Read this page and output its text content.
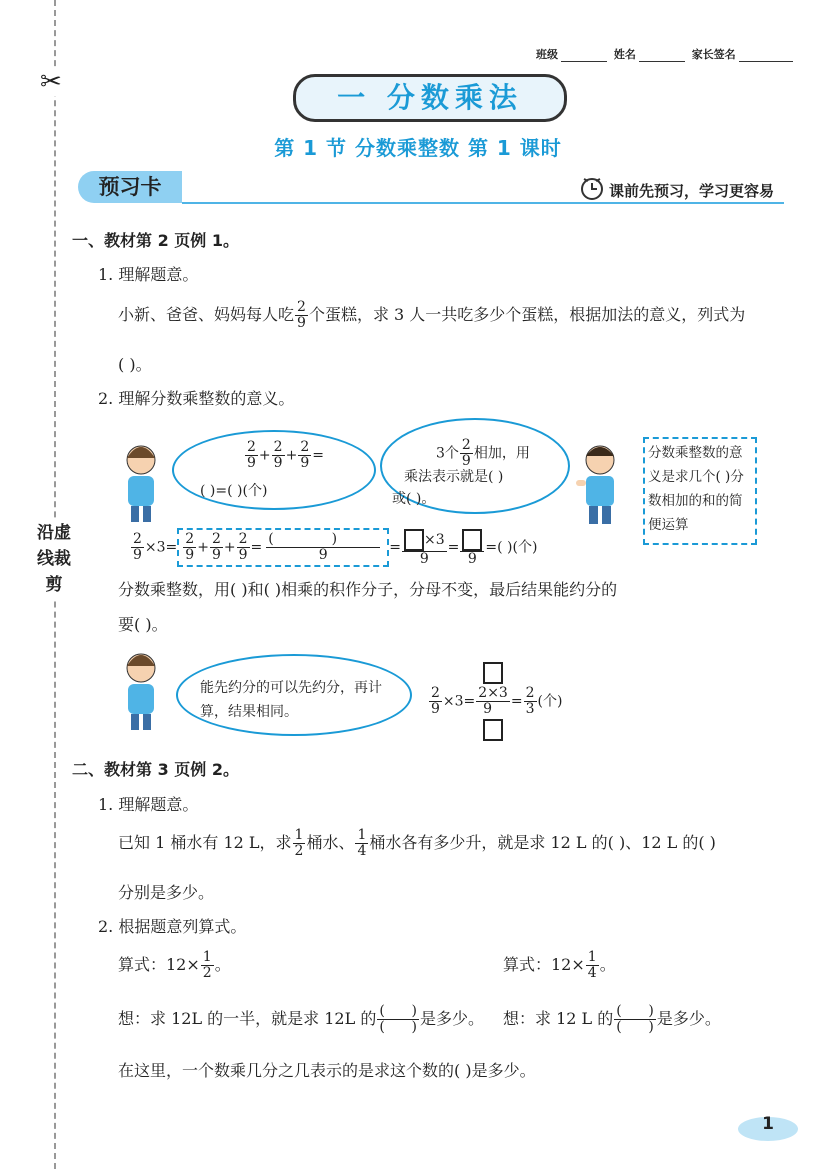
✂
沿虚线裁剪
班级	姓名	家长签名
一 分数乘法
第 1 节 分数乘整数 第 1 课时
预习卡	课前先预习，学习更容易
一、教材第 2 页例 1。
1. 理解题意。
小新、爸爸、妈妈每人吃 $\frac{2}{9}$ 个蛋糕，求 3 人一共吃多少个蛋糕，根据加法的意义，列式为
( )。
2. 理解分数乘整数的意义。
$\frac{2}{9} + \frac{2}{9} + \frac{2}{9}$ =
( )=( )(个)
3个 $\frac{2}{9}$ 相加，用
乘法表示就是( )
或( )。
分数乘整数的意义是求几个( )分数相加的和的简便运算
$\frac{2}{9} \times 3= \frac{2}{9} + \frac{2}{9} + \frac{2}{9} = \frac{( )}{9} = \frac{\times 3}{9}$ =
9
=( )(个)
分数乘整数，用( )和( )相乘的积作分子，分母不变，最后结果能约分的
要( )。
能先约分的可以先约分，再计算，结果相同。	$\frac{2}{9} \times 3= \frac{2\times 3}{9} = \frac{2}{3}$ (个)
二、教材第 3 页例 2。
1. 理解题意。
已知 1 桶水有 12 L，求 $\frac{1}{2}$ 桶水、 $\frac{1}{4}$ 桶水各有多少升，就是求 12 L 的( )、12 L 的( )
分别是多少。
2. 根据题意列算式。
算式：$12\times \frac{1}{2}$ 。	算式：$12\times \frac{1}{4}$ 。
想：求 12L 的一半，就是求 12L 的 $\frac{( )}{( )}$ 是多少。 想：求 12 L 的 $\frac{( )}{( )}$ 是多少。
在这里，一个数乘几分之几表示的是求这个数的( )是多少。
1
